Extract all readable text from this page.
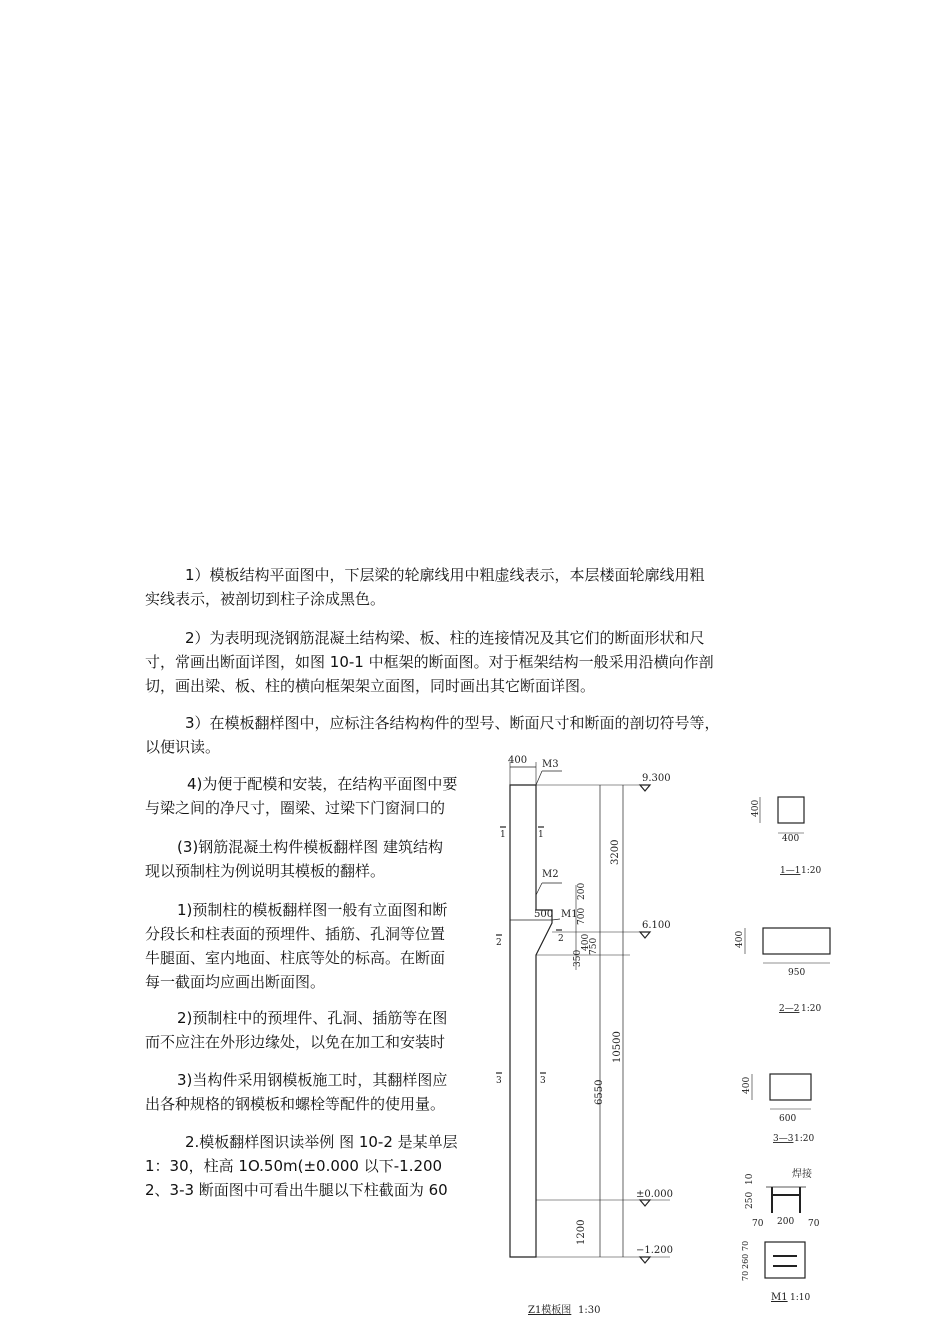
1）模板结构平面图中，下层梁的轮廓线用中粗虚线表示，本层楼面轮廓线用粗
实线表示，被剖切到柱子涂成黑色。

2）为表明现浇钢筋混凝土结构梁、板、柱的连接情况及其它们的断面形状和尺
寸，常画出断面详图，如图 10-1 中框架的断面图。对于框架结构一般采用沿横向作剖
切，画出梁、板、柱的横向框架架立面图，同时画出其它断面详图。

3）在模板翻样图中，应标注各结构构件的型号、断面尺寸和断面的剖切符号等，
以便识读。

4)为便于配模和安装，在结构平面图中要
与梁之间的净尺寸，圈梁、过梁下门窗洞口的

(3)钢筋混凝土构件模板翻样图 建筑结构
现以预制柱为例说明其模板的翻样。

1)预制柱的模板翻样图一般有立面图和断
分段长和柱表面的预埋件、插筋、孔洞等位置
牛腿面、室内地面、柱底等处的标高。在断面
每一截面均应画出断面图。

2)预制柱中的预埋件、孔洞、插筋等在图
而不应注在外形边缘处，以免在加工和安装时

3)当构件采用钢模板施工时，其翻样图应
出各种规格的钢模板和螺栓等配件的使用量。

2.模板翻样图识读举例 图 10-2 是某单层
1：30，柱高 1O.50m(±0.000 以下-1.200
2、3-3 断面图中可看出牛腿以下柱截面为 60

400 M3
M2
500 M1
1	1
2	2
3	3
9.300
6.100
±0.000
−1.200
3200
200
700
750
350
400
10500
6550
1200
400
400
1—1 1:20
400
950
2—2 1:20
400
600
3—3 1:20
焊接
250
10
70 200 70
70
260
70
M1 1:10
Z1模板图 1:30
